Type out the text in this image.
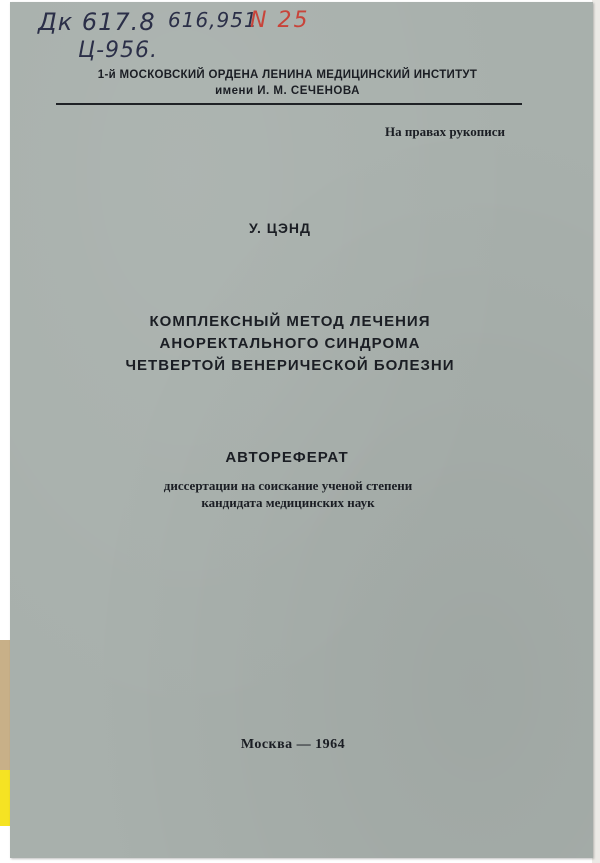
Дк 617.8
Ц-956.
616,951
N 25
1-й МОСКОВСКИЙ ОРДЕНА ЛЕНИНА МЕДИЦИНСКИЙ ИНСТИТУТ
имени И. М. СЕЧЕНОВА
На правах рукописи
У. ЦЭНД
КОМПЛЕКСНЫЙ МЕТОД ЛЕЧЕНИЯ
АНОРЕКТАЛЬНОГО СИНДРОМА
ЧЕТВЕРТОЙ ВЕНЕРИЧЕСКОЙ БОЛЕЗНИ
АВТОРЕФЕРАТ
диссертации на соискание ученой степени
кандидата медицинских наук
Москва — 1964
